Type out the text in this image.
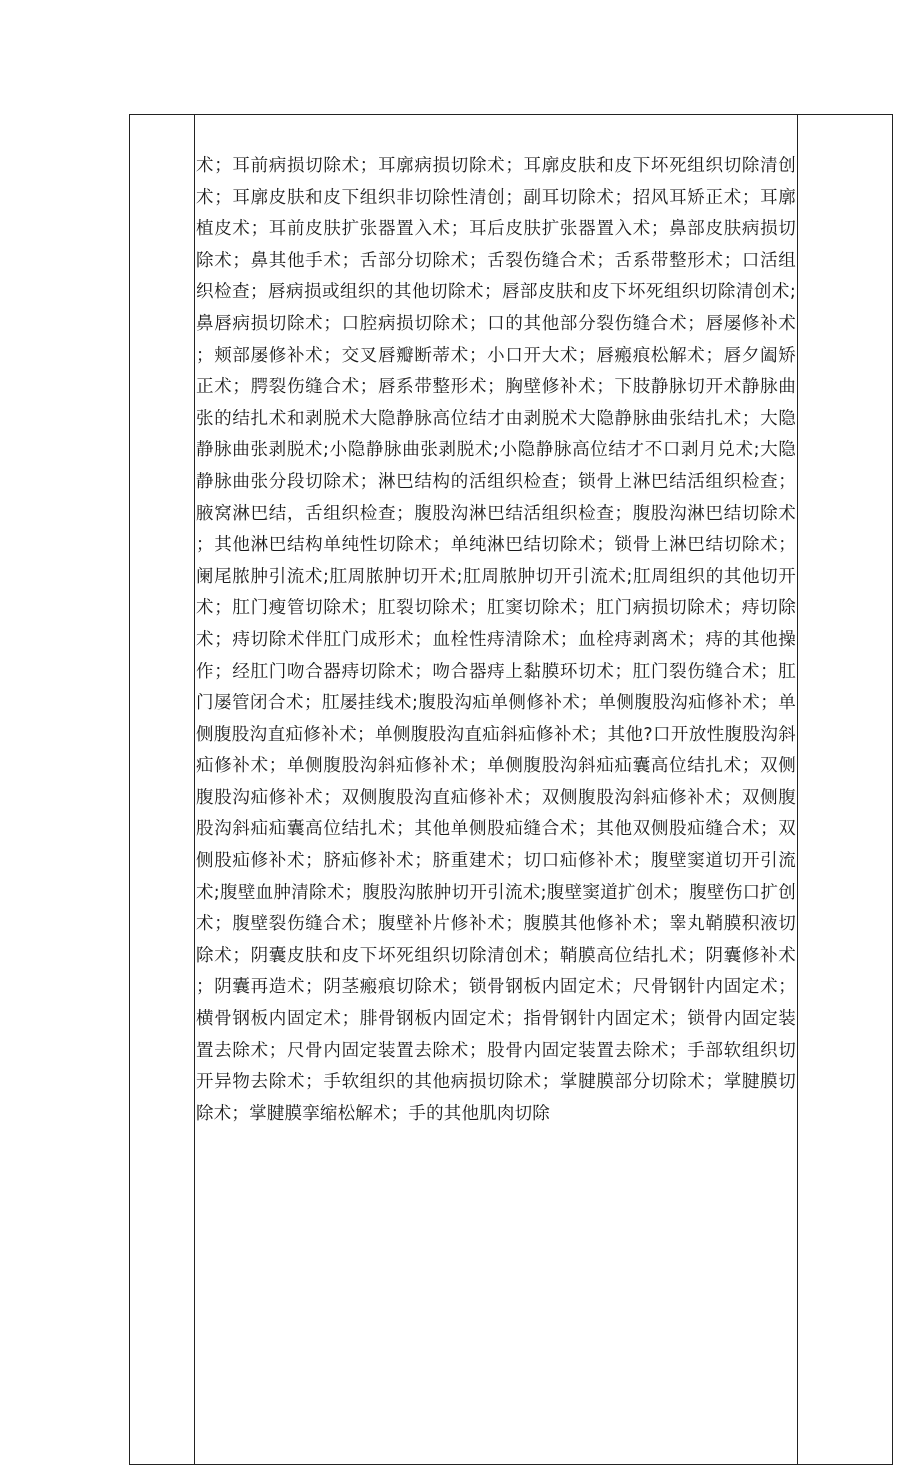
术；耳前病损切除术；耳廓病损切除术；耳廓皮肤和皮下坏死组织切除清创术；耳廓皮肤和皮下组织非切除性清创；副耳切除术；招风耳矫正术；耳廓植皮术；耳前皮肤扩张器置入术；耳后皮肤扩张器置入术；鼻部皮肤病损切除术；鼻其他手术；舌部分切除术；舌裂伤缝合术；舌系带整形术；口活组织检查；唇病损或组织的其他切除术；唇部皮肤和皮下坏死组织切除清创术;鼻唇病损切除术；口腔病损切除术；口的其他部分裂伤缝合术；唇屡修补术；颊部屡修补术；交叉唇瓣断蒂术；小口开大术；唇瘢痕松解术；唇夕阖矫正术；腭裂伤缝合术；唇系带整形术；胸壁修补术；下肢静脉切开术静脉曲张的结扎术和剥脱术大隐静脉高位结才由剥脱术大隐静脉曲张结扎术；大隐静脉曲张剥脱术;小隐静脉曲张剥脱术;小隐静脉高位结才不口剥月兑术;大隐静脉曲张分段切除术；淋巴结构的活组织检查；锁骨上淋巴结活组织检查；腋窝淋巴结，舌组织检查；腹股沟淋巴结活组织检查；腹股沟淋巴结切除术；其他淋巴结构单纯性切除术；单纯淋巴结切除术；锁骨上淋巴结切除术；阑尾脓肿引流术;肛周脓肿切开术;肛周脓肿切开引流术;肛周组织的其他切开术；肛门瘦管切除术；肛裂切除术；肛窦切除术；肛门病损切除术；痔切除术；痔切除术伴肛门成形术；血栓性痔清除术；血栓痔剥离术；痔的其他操作；经肛门吻合器痔切除术；吻合器痔上黏膜环切术；肛门裂伤缝合术；肛门屡管闭合术；肛屡挂线术;腹股沟疝单侧修补术；单侧腹股沟疝修补术；单侧腹股沟直疝修补术；单侧腹股沟直疝斜疝修补术；其他?口开放性腹股沟斜疝修补术；单侧腹股沟斜疝修补术；单侧腹股沟斜疝疝囊高位结扎术；双侧腹股沟疝修补术；双侧腹股沟直疝修补术；双侧腹股沟斜疝修补术；双侧腹股沟斜疝疝囊高位结扎术；其他单侧股疝缝合术；其他双侧股疝缝合术；双侧股疝修补术；脐疝修补术；脐重建术；切口疝修补术；腹壁窦道切开引流术;腹壁血肿清除术；腹股沟脓肿切开引流术;腹壁窦道扩创术；腹壁伤口扩创术；腹壁裂伤缝合术；腹壁补片修补术；腹膜其他修补术；睾丸鞘膜积液切除术；阴囊皮肤和皮下坏死组织切除清创术；鞘膜高位结扎术；阴囊修补术；阴囊再造术；阴茎瘢痕切除术；锁骨钢板内固定术；尺骨钢针内固定术；横骨钢板内固定术；腓骨钢板内固定术；指骨钢针内固定术；锁骨内固定装置去除术；尺骨内固定装置去除术；股骨内固定装置去除术；手部软组织切开异物去除术；手软组织的其他病损切除术；掌腱膜部分切除术；掌腱膜切除术；掌腱膜挛缩松解术；手的其他肌肉切除
